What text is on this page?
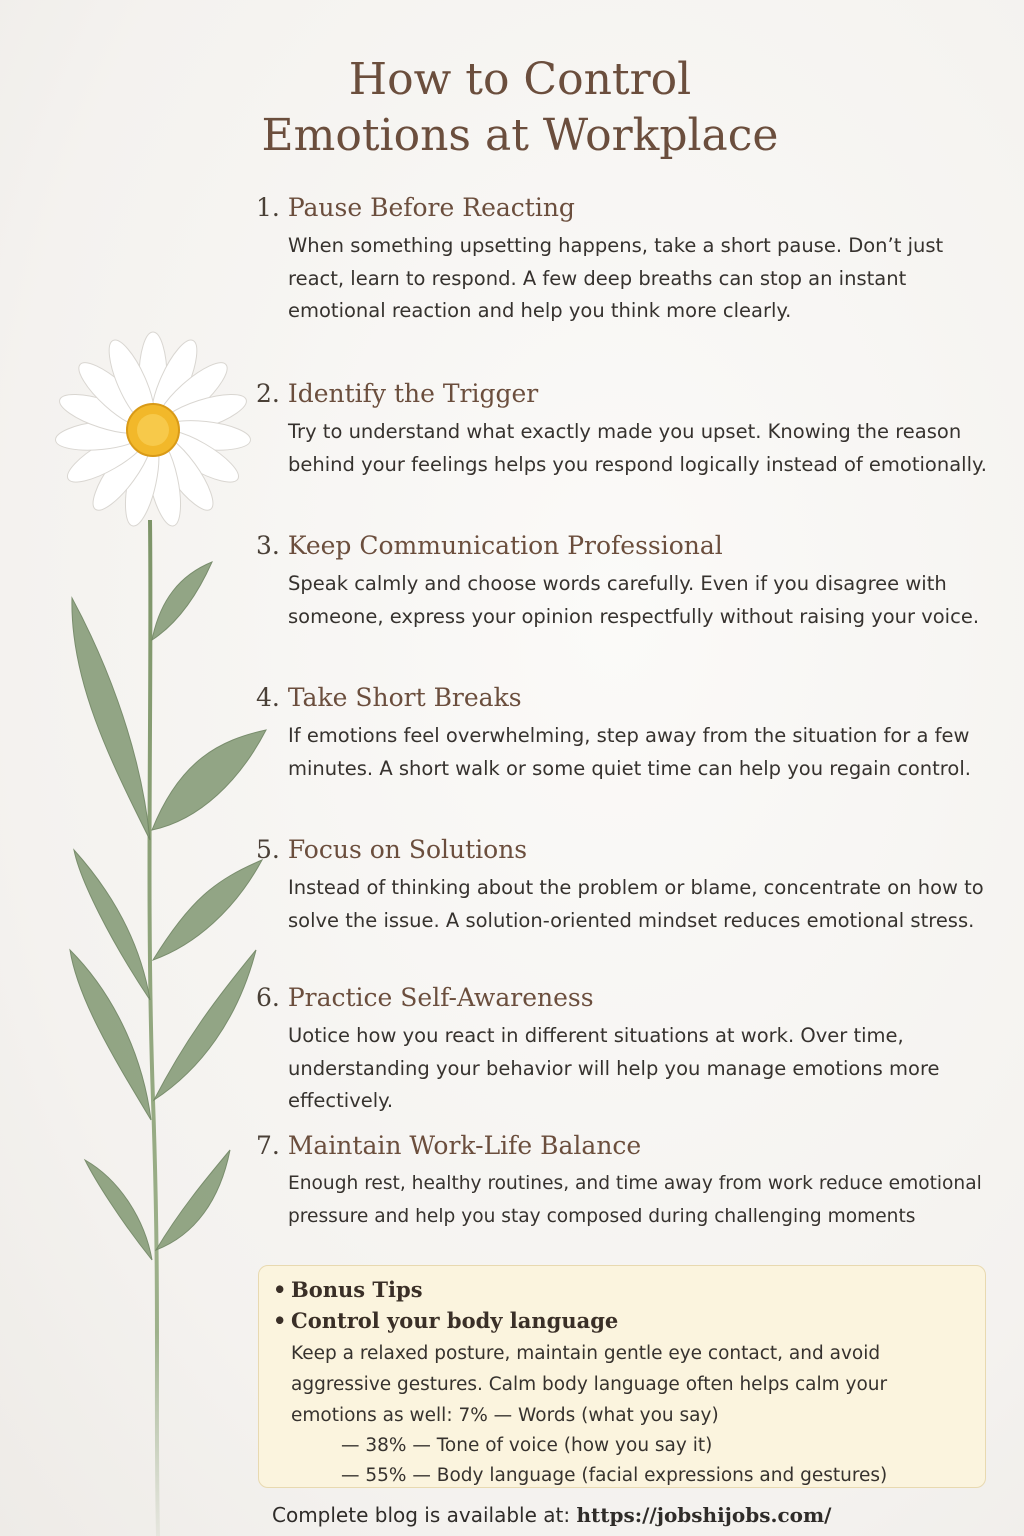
How to Control
Emotions at Workplace
1. Pause Before Reacting

When something upsetting happens, take a short pause. Don’t just react, learn to respond. A few deep breaths can stop an instant emotional reaction and help you think more clearly.

2. Identify the Trigger

Try to understand what exactly made you upset. Knowing the reason behind your feelings helps you respond logically instead of emotionally.

3. Keep Communication Professional

Speak calmly and choose words carefully. Even if you disagree with someone, express your opinion respectfully without raising your voice.

4. Take Short Breaks

If emotions feel overwhelming, step away from the situation for a few minutes. A short walk or some quiet time can help you regain control.

5. Focus on Solutions

Instead of thinking about the problem or blame, concentrate on how to solve the issue. A solution-oriented mindset reduces emotional stress.

6. Practice Self-Awareness

Uotice how you react in different situations at work. Over time, understanding your behavior will help you manage emotions more effectively.

7. Maintain Work-Life Balance

Enough rest, healthy routines, and time away from work reduce emotional pressure and help you stay composed during challenging moments

• Bonus Tips

• Control your body language

Keep a relaxed posture, maintain gentle eye contact, and avoid aggressive gestures. Calm body language often helps calm your emotions as well: 7% — Words (what you say)
— 38% — Tone of voice (how you say it)
— 55% — Body language (facial expressions and gestures)

Complete blog is available at: https://jobshijobs.com/
